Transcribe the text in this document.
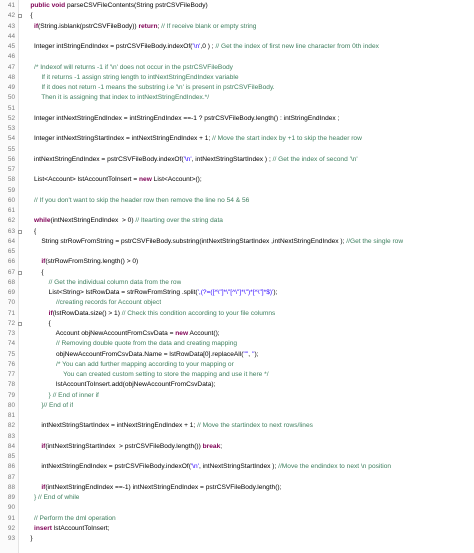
41	public void parseCSVFileContents(String pstrCSVFileBody)
42 {
43	if(String.isblank(pstrCSVFileBody)) return; // If receive blank or empty string
44
45 Integer intStringEndIndex = pstrCSVFileBody.indexOf('\n',0 ) ; // Get the index of first new line character from 0th index
46
47	/* Indexof will returns -1 if '\n' does not occur in the pstrCSVFileBody
48 If it returns -1 assign string length to intNextStringEndIndex variable
49 If it does not return -1 means the substring i.e '\n' is present in pstrCSVFileBody.
50 Then it is assigning that index to intNextStringEndIndex.*/
51
52 Integer intNextStringEndIndex = intStringEndIndex ==-1 ? pstrCSVFileBody.length() : intStringEndIndex ;
53
54 Integer intNextStringStartIndex = intNextStringEndIndex + 1; // Move the start index by +1 to skip the header row
55
56 intNextStringEndIndex = pstrCSVFileBody.indexOf('\n', intNextStringStartIndex ) ; // Get the index of second '\n'
57
58 List<Account> lstAccountToInsert = new List<Account>();
59
60	// If you don't want to skip the header row then remove the line no 54 & 56
61
62	while(intNextStringEndIndex  > 0) // Itearting over the string data
63 {
64 String strRowFromString = pstrCSVFileBody.substring(intNextStringStartIndex ,intNextStringEndIndex ); //Get the single row
65
66	if(strRowFromString.length() > 0)
67 {
68	// Get the individual column data from the row
69 List<String> lstRowData = strRowFromString .split(',(?=([^\"]*\"[^\"]*\")*[^\"]*$)');
70	//creating records for Account object
71	if(lstRowData.size() > 1) // Check this condition according to your file columns
72 {
73 Account objNewAccountFromCsvData = new Account();
74	// Removing double quote from the data and creating mapping
75 objNewAccountFromCsvData.Name = lstRowData[0].replaceAll('"', '');
76	/* You can add further mapping according to your mapping or
77 You can created custom setting to store the mapping and use it here */
78 lstAccountToInsert.add(objNewAccountFromCsvData);
79	} // End of inner if
80	}// End of if
81
82 intNextStringStartIndex = intNextStringEndIndex + 1; // Move the startindex to next rows/lines
83
84	if(intNextStringStartIndex  > pstrCSVFileBody.length()) break;
85
86 intNextStringEndIndex = pstrCSVFileBody.indexOf('\n', intNextStringStartIndex ); //Move the endindex to next \n position
87
88	if(intNextStringEndIndex ==-1) intNextStringEndIndex = pstrCSVFileBody.length();
89	} // End of while
90
91	// Perform the dml operation
92	insert lstAccountToInsert;
93 }
